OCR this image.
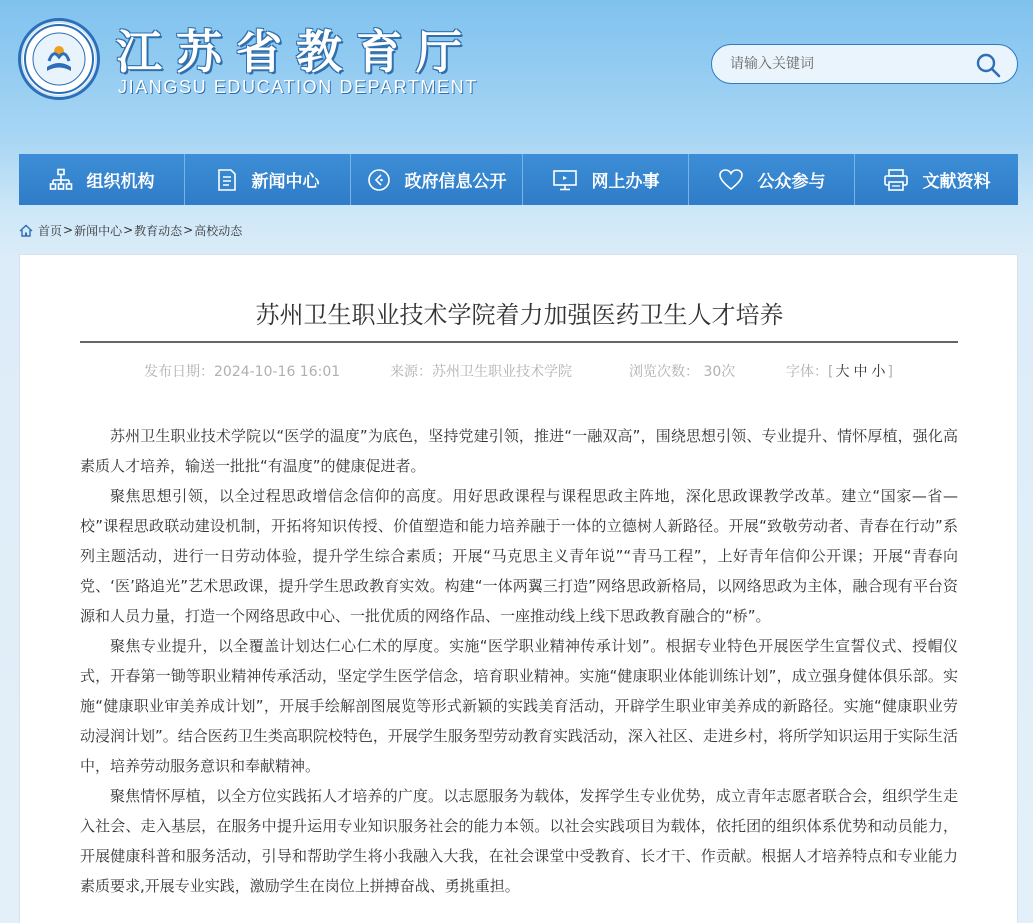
江苏省教育厅
JIANGSU EDUCATION DEPARTMENT
请输入关键词
组织机构	新闻中心	政府信息公开	网上办事	公众参与	文献资料
首页 > 新闻中心 > 教育动态 > 高校动态
苏州卫生职业技术学院着力加强医药卫生人才培养
发布日期：2024-10-16 16:01	来源：苏州卫生职业技术学院	浏览次数： 30次	字体：[ 大 中 小 ]

苏州卫生职业技术学院以“医学的温度”为底色，坚持党建引领，推进“一融双高”，围绕思想引领、专业提升、情怀厚植，强化高素质人才培养，输送一批批“有温度”的健康促进者。

聚焦思想引领，以全过程思政增信念信仰的高度。用好思政课程与课程思政主阵地，深化思政课教学改革。建立“国家—省—校”课程思政联动建设机制，开拓将知识传授、价值塑造和能力培养融于一体的立德树人新路径。开展“致敬劳动者、青春在行动”系列主题活动，进行一日劳动体验，提升学生综合素质；开展“马克思主义青年说”“青马工程”，上好青年信仰公开课；开展“青春向党、‘医’路追光”艺术思政课，提升学生思政教育实效。构建“一体两翼三打造”网络思政新格局，以网络思政为主体，融合现有平台资源和人员力量，打造一个网络思政中心、一批优质的网络作品、一座推动线上线下思政教育融合的“桥”。

聚焦专业提升，以全覆盖计划达仁心仁术的厚度。实施“医学职业精神传承计划”。根据专业特色开展医学生宣誓仪式、授帽仪式，开春第一锄等职业精神传承活动，坚定学生医学信念，培育职业精神。实施“健康职业体能训练计划”，成立强身健体俱乐部。实施“健康职业审美养成计划”，开展手绘解剖图展览等形式新颖的实践美育活动，开辟学生职业审美养成的新路径。实施“健康职业劳动浸润计划”。结合医药卫生类高职院校特色，开展学生服务型劳动教育实践活动，深入社区、走进乡村，将所学知识运用于实际生活中，培养劳动服务意识和奉献精神。

聚焦情怀厚植，以全方位实践拓人才培养的广度。以志愿服务为载体，发挥学生专业优势，成立青年志愿者联合会，组织学生走入社会、走入基层，在服务中提升运用专业知识服务社会的能力本领。以社会实践项目为载体，依托团的组织体系优势和动员能力，开展健康科普和服务活动，引导和帮助学生将小我融入大我，在社会课堂中受教育、长才干、作贡献。根据人才培养特点和专业能力素质要求,开展专业实践，激励学生在岗位上拼搏奋战、勇挑重担。
